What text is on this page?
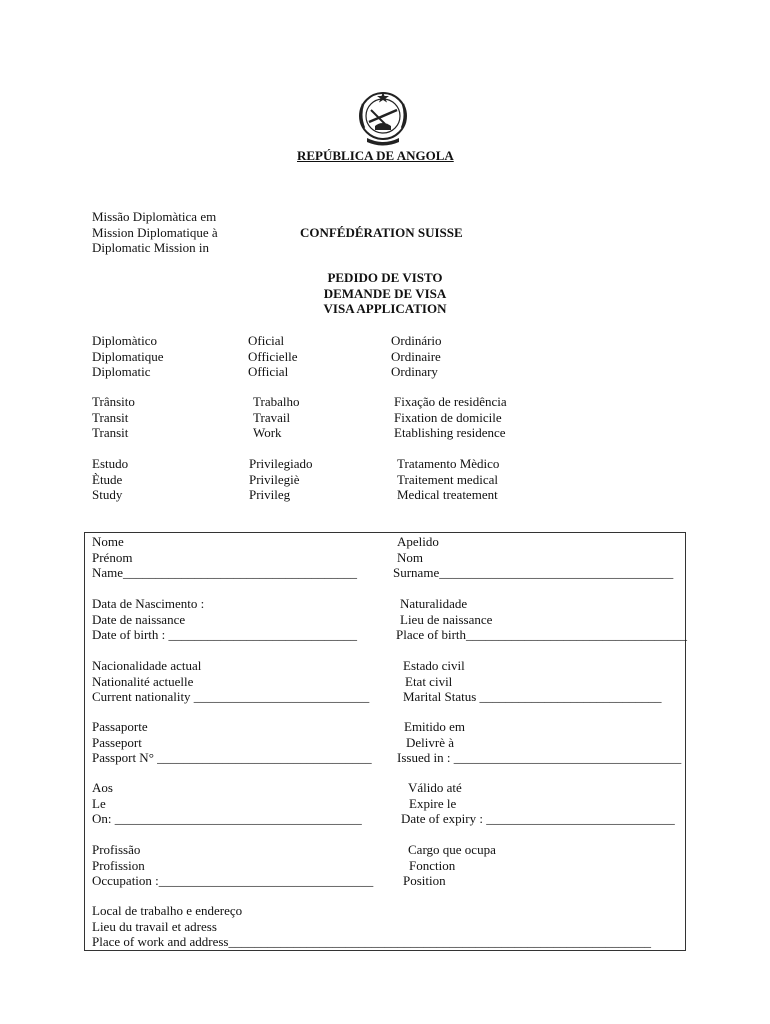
REPÚBLICA DE ANGOLA
Missão Diplomàtica em
Mission Diplomatique à
Diplomatic Mission in
CONFÉDÉRATION SUISSE
PEDIDO DE VISTO
DEMANDE DE VISA
VISA APPLICATION
Diplomàtico
Diplomatique
Diplomatic
Oficial
Officielle
Official
Ordinário
Ordinaire
Ordinary
Trânsito
Transit
Transit
Trabalho
Travail
Work
Fixação de residência
Fixation de domicile
Etablishing residence
Estudo
Ètude
Study
Privilegiado
Privilegiè
Privileg
Tratamento Mèdico
Traitement medical
Medical treatement
Nome
Prénom
Name____________________________________
Apelido
Nom
Surname____________________________________
Data de Nascimento :
Date de naissance
Date of birth : _____________________________
Naturalidade
Lieu de naissance
Place of birth__________________________________
Nacionalidade actual
Nationalité actuelle
Current nationality ___________________________
Estado civil
Etat civil
Marital Status ____________________________
Passaporte
Passeport
Passport N° _________________________________
Emitido em
Delivrè à
Issued in : ___________________________________
Aos
Le
On: ______________________________________
Válido até
Expire le
Date of expiry : _____________________________
Profissão
Profission
Occupation :_________________________________
Cargo que ocupa
Fonction
Position
Local de trabalho e endereço
Lieu du travail et adress
Place of work and address_________________________________________________________________
